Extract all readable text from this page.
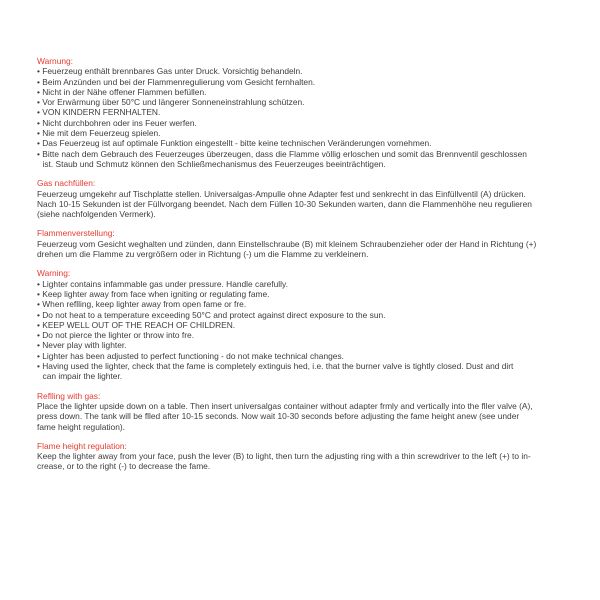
Warnung:

• Feuerzeug enthält brennbares Gas unter Druck. Vorsichtig behandeln.
• Beim Anzünden und bei der Flammenregulierung vom Gesicht fernhalten.
• Nicht in der Nähe offener Flammen befüllen.
• Vor Erwärmung über 50°C und längerer Sonneneinstrahlung schützen.
• VON KINDERN FERNHALTEN.
• Nicht durchbohren oder ins Feuer werfen.
• Nie mit dem Feuerzeug spielen.
• Das Feuerzeug ist auf optimale Funktion eingestellt - bitte keine technischen Veränderungen vornehmen.
• Bitte nach dem Gebrauch des Feuerzeuges überzeugen, dass die Flamme völlig erloschen und somit das Brennventil geschlossen
ist. Staub und Schmutz können den Schließmechanismus des Feuerzeuges beeinträchtigen.

Gas nachfüllen:

Feuerzeug umgekehr auf Tischplatte stellen. Universalgas-Ampulle ohne Adapter fest und senkrecht in das Einfüllventil (A) drücken.
Nach 10-15 Sekunden ist der Füllvorgang beendet. Nach dem Füllen 10-30 Sekunden warten, dann die Flammenhöhe neu regulieren
(siehe nachfolgenden Vermerk).

Flammenverstellung:

Feuerzeug vom Gesicht weghalten und zünden, dann Einstellschraube (B) mit kleinem Schraubenzieher oder der Hand in Richtung (+)
drehen um die Flamme zu vergrößern oder in Richtung (-) um die Flamme zu verkleinern.

Warning:

• Lighter contains infammable gas under pressure. Handle carefully.
• Keep lighter away from face when igniting or regulating fame.
• When reflling, keep lighter away from open fame or fre.
• Do not heat to a temperature exceeding 50°C and protect against direct exposure to the sun.
• KEEP WELL OUT OF THE REACH OF CHILDREN.
• Do not pierce the lighter or throw into fre.
• Never play with lighter.
• Lighter has been adjusted to perfect functioning - do not make technical changes.
• Having used the lighter, check that the fame is completely extinguis hed, i.e. that the burner valve is tightly closed. Dust and dirt
can impair the lighter.

Reflling with gas:

Place the lighter upside down on a table. Then insert universalgas container without adapter frmly and vertically into the fller valve (A),
press down. The tank will be flled after 10-15 seconds. Now wait 10-30 seconds before adjusting the fame height anew (see under
fame height regulation).

Flame height regulation:

Keep the lighter away from your face, push the lever (B) to light, then turn the adjusting ring with a thin screwdriver to the left (+) to in-
crease, or to the right (-) to decrease the fame.
